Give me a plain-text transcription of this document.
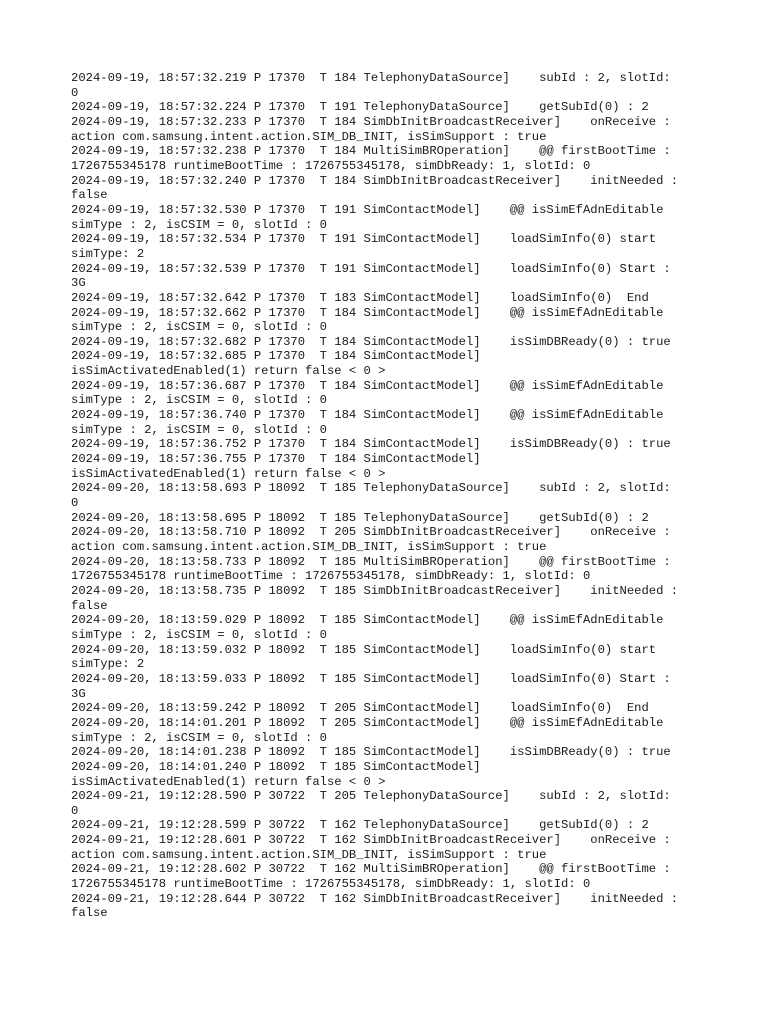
2024-09-19, 18:57:32.219 P 17370  T 184 TelephonyDataSource]    subId : 2, slotId:
0
2024-09-19, 18:57:32.224 P 17370  T 191 TelephonyDataSource]    getSubId(0) : 2
2024-09-19, 18:57:32.233 P 17370  T 184 SimDbInitBroadcastReceiver]    onReceive :
action com.samsung.intent.action.SIM_DB_INIT, isSimSupport : true
2024-09-19, 18:57:32.238 P 17370  T 184 MultiSimBROperation]    @@ firstBootTime :
1726755345178 runtimeBootTime : 1726755345178, simDbReady: 1, slotId: 0
2024-09-19, 18:57:32.240 P 17370  T 184 SimDbInitBroadcastReceiver]    initNeeded :
false
2024-09-19, 18:57:32.530 P 17370  T 191 SimContactModel]    @@ isSimEfAdnEditable
simType : 2, isCSIM = 0, slotId : 0
2024-09-19, 18:57:32.534 P 17370  T 191 SimContactModel]    loadSimInfo(0) start
simType: 2
2024-09-19, 18:57:32.539 P 17370  T 191 SimContactModel]    loadSimInfo(0) Start :
3G
2024-09-19, 18:57:32.642 P 17370  T 183 SimContactModel]    loadSimInfo(0)  End
2024-09-19, 18:57:32.662 P 17370  T 184 SimContactModel]    @@ isSimEfAdnEditable
simType : 2, isCSIM = 0, slotId : 0
2024-09-19, 18:57:32.682 P 17370  T 184 SimContactModel]    isSimDBReady(0) : true
2024-09-19, 18:57:32.685 P 17370  T 184 SimContactModel]
isSimActivatedEnabled(1) return false < 0 >
2024-09-19, 18:57:36.687 P 17370  T 184 SimContactModel]    @@ isSimEfAdnEditable
simType : 2, isCSIM = 0, slotId : 0
2024-09-19, 18:57:36.740 P 17370  T 184 SimContactModel]    @@ isSimEfAdnEditable
simType : 2, isCSIM = 0, slotId : 0
2024-09-19, 18:57:36.752 P 17370  T 184 SimContactModel]    isSimDBReady(0) : true
2024-09-19, 18:57:36.755 P 17370  T 184 SimContactModel]
isSimActivatedEnabled(1) return false < 0 >
2024-09-20, 18:13:58.693 P 18092  T 185 TelephonyDataSource]    subId : 2, slotId:
0
2024-09-20, 18:13:58.695 P 18092  T 185 TelephonyDataSource]    getSubId(0) : 2
2024-09-20, 18:13:58.710 P 18092  T 205 SimDbInitBroadcastReceiver]    onReceive :
action com.samsung.intent.action.SIM_DB_INIT, isSimSupport : true
2024-09-20, 18:13:58.733 P 18092  T 185 MultiSimBROperation]    @@ firstBootTime :
1726755345178 runtimeBootTime : 1726755345178, simDbReady: 1, slotId: 0
2024-09-20, 18:13:58.735 P 18092  T 185 SimDbInitBroadcastReceiver]    initNeeded :
false
2024-09-20, 18:13:59.029 P 18092  T 185 SimContactModel]    @@ isSimEfAdnEditable
simType : 2, isCSIM = 0, slotId : 0
2024-09-20, 18:13:59.032 P 18092  T 185 SimContactModel]    loadSimInfo(0) start
simType: 2
2024-09-20, 18:13:59.033 P 18092  T 185 SimContactModel]    loadSimInfo(0) Start :
3G
2024-09-20, 18:13:59.242 P 18092  T 205 SimContactModel]    loadSimInfo(0)  End
2024-09-20, 18:14:01.201 P 18092  T 205 SimContactModel]    @@ isSimEfAdnEditable
simType : 2, isCSIM = 0, slotId : 0
2024-09-20, 18:14:01.238 P 18092  T 185 SimContactModel]    isSimDBReady(0) : true
2024-09-20, 18:14:01.240 P 18092  T 185 SimContactModel]
isSimActivatedEnabled(1) return false < 0 >
2024-09-21, 19:12:28.590 P 30722  T 205 TelephonyDataSource]    subId : 2, slotId:
0
2024-09-21, 19:12:28.599 P 30722  T 162 TelephonyDataSource]    getSubId(0) : 2
2024-09-21, 19:12:28.601 P 30722  T 162 SimDbInitBroadcastReceiver]    onReceive :
action com.samsung.intent.action.SIM_DB_INIT, isSimSupport : true
2024-09-21, 19:12:28.602 P 30722  T 162 MultiSimBROperation]    @@ firstBootTime :
1726755345178 runtimeBootTime : 1726755345178, simDbReady: 1, slotId: 0
2024-09-21, 19:12:28.644 P 30722  T 162 SimDbInitBroadcastReceiver]    initNeeded :
false
